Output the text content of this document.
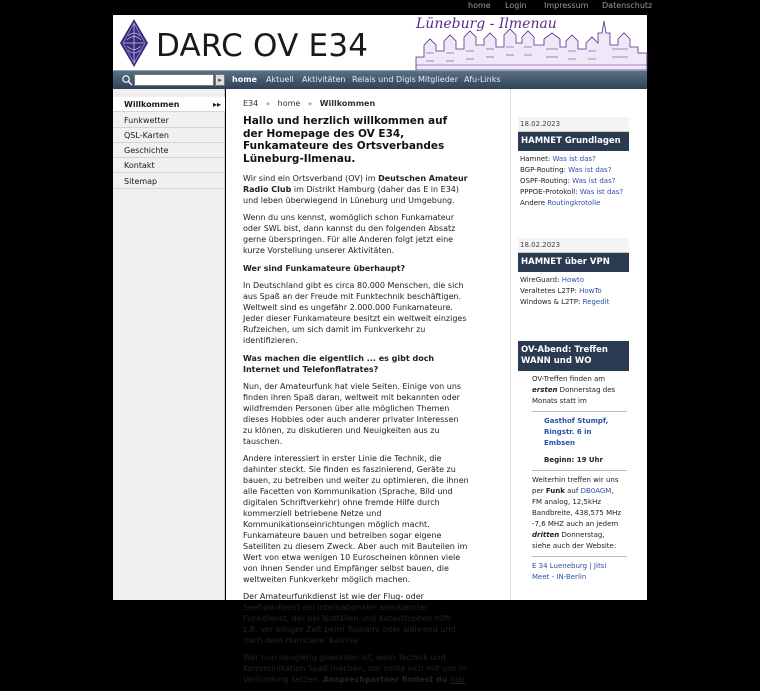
home Login Impressum Datenschutz
DARC OV E34
Lüneburg - Ilmenau
▸	home Aktuell Aktivitäten Relais und Digis Mitglieder Afu-Links
Willkommen	▸▸
Funkwetter
QSL-Karten
Geschichte
Kontakt
Sitemap
E34 » home » Willkommen
Hallo und herzlich willkommen auf der Homepage des OV E34, Funkamateure des Ortsverbandes Lüneburg-Ilmenau.

Wir sind ein Ortsverband (OV) im Deutschen Amateur Radio Club im Distrikt Hamburg (daher das E in E34) und leben überwiegend in Lüneburg und Umgebung.

Wenn du uns kennst, womöglich schon Funkamateur oder SWL bist, dann kannst du den folgenden Absatz gerne überspringen. Für alle Anderen folgt jetzt eine kurze Vorstellung unserer Aktivitäten.

Wer sind Funkamateure überhaupt?

In Deutschland gibt es circa 80.000 Menschen, die sich aus Spaß an der Freude mit Funktechnik beschäftigen. Weltweit sind es ungefähr 2.000.000 Funkamateure. Jeder dieser Funkamateure besitzt ein weltweit einziges Rufzeichen, um sich damit im Funkverkehr zu identifizieren.

Was machen die eigentlich ... es gibt doch Internet und Telefonflatrates?

Nun, der Amateurfunk hat viele Seiten. Einige von uns finden ihren Spaß daran, weltweit mit bekannten oder wildfremden Personen über alle möglichen Themen dieses Hobbies oder auch anderer privater Interessen zu klönen, zu diskutieren und Neuigkeiten aus zu tauschen.

Andere interessiert in erster Linie die Technik, die dahinter steckt. Sie finden es faszinierend, Geräte zu bauen, zu betreiben und weiter zu optimieren, die ihnen alle Facetten von Kommunikation (Sprache, Bild und digitalen Schriftverkehr) ohne fremde Hilfe durch kommerziell betriebene Netze und Kommunikationseinrichtungen möglich macht. Funkamateure bauen und betreiben sogar eigene Satelliten zu diesem Zweck. Aber auch mit Bauteilen im Wert von etwa wenigen 10 Euroscheinen können viele von ihnen Sender und Empfänger selbst bauen, die weltweiten Funkverkehr möglich machen.

Der Amateurfunkdienst ist wie der Flug- oder Seefunkdienst ein internationaler anerkannter Funkdienst, der bei Notfällen und Katastrophen hilft: z.B. vor einiger Zeit beim Tsunami oder während und nach dem Hurricane 'Katrina'.

Wer nun neugierig geworden ist, wem Technik und Kommunikation Spaß machen, der sollte sich mit uns in Verbindung setzen. Ansprechpartner findest du hier

18.02.2023
HAMNET Grundlagen
Hamnet: Was ist das?
BGP-Routing: Was ist das?
OSPF-Routing: Was ist das?
PPPOE-Protokoll: Was ist das?
Andere Routingkrotolle
18.02.2023
HAMNET über VPN
WireGuard: Howto
Veraltetes L2TP: HowTo
Windows & L2TP: Regedit
OV-Abend: Treffen WANN und WO
OV-Treffen finden am
ersten Donnerstag des
Monats statt im
Gasthof Stumpf,
Ringstr. 6 in
Embsen
Beginn: 19 Uhr
Weiterhin treffen wir uns
per Funk auf DB0AGM,
FM analog, 12,5kHz
Bandbreite, 438,575 MHz
-7,6 MHZ auch an jedem
dritten Donnerstag,
siehe auch der Website:
E 34 Lueneburg | Jitsi
Meet - IN-Berlin
